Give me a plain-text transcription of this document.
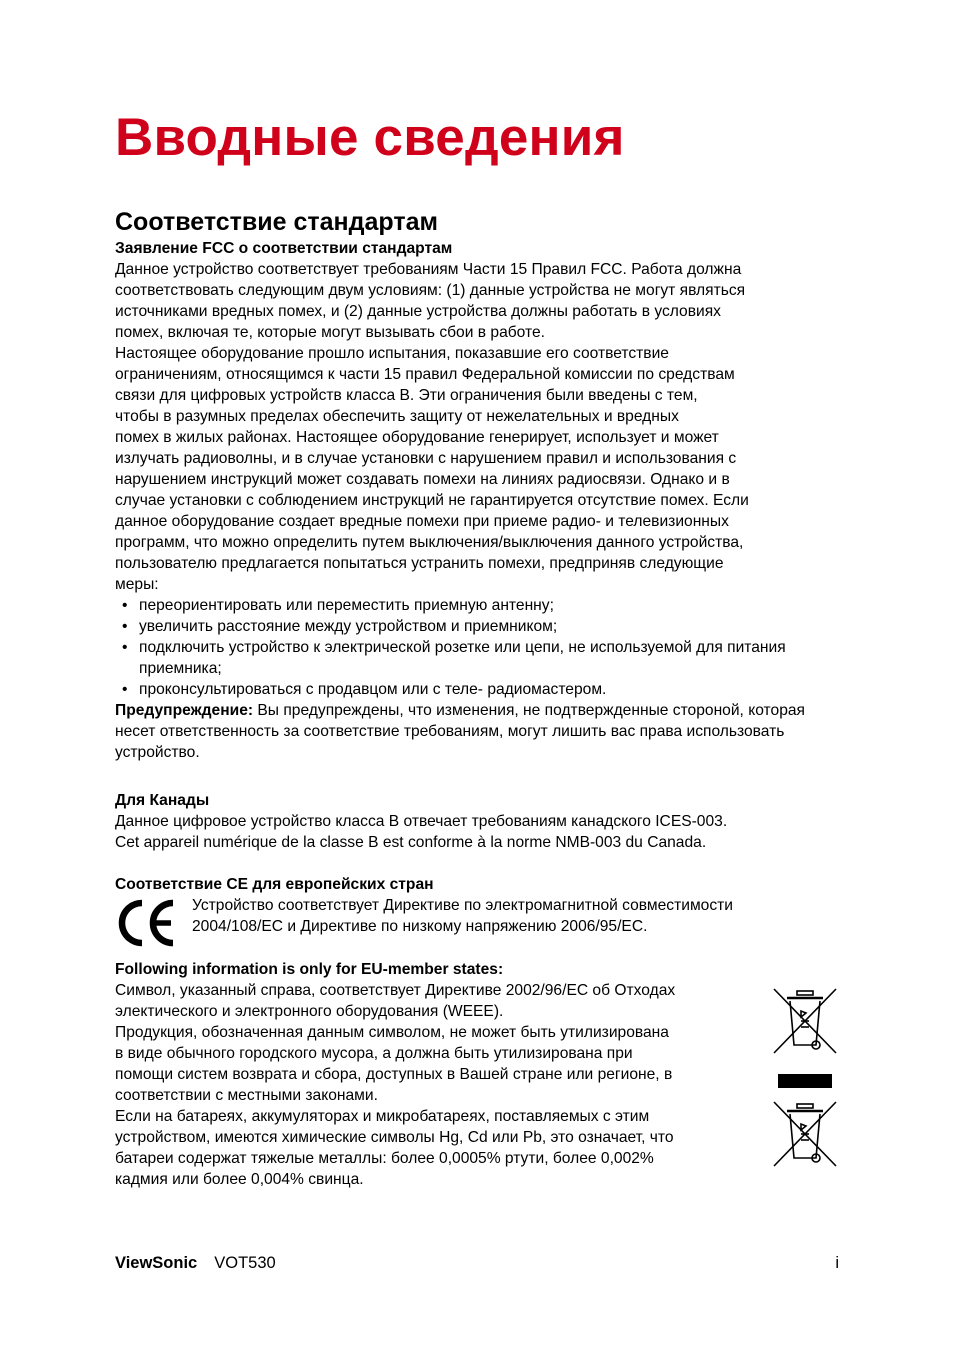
Вводные сведения
Соответствие стандартам

Заявление FCC о соответствии стандартам

Данное устройство соответствует требованиям Части 15 Правил FCC. Работа должна
соответствовать следующим двум условиям: (1) данные устройства не могут являться
источниками вредных помех, и (2) данные устройства должны работать в условиях
помех, включая те, которые могут вызывать сбои в работе.

Настоящее оборудование прошло испытания, показавшие его соответствие
ограничениям, относящимся к части 15 правил Федеральной комиссии по средствам
связи для цифровых устройств класса B. Эти ограничения были введены с тем,
чтобы в разумных пределах обеспечить защиту от нежелательных и вредных
помех в жилых районах. Настоящее оборудование генерирует, использует и может
излучать радиоволны, и в случае установки с нарушением правил и использования с
нарушением инструкций может создавать помехи на линиях радиосвязи. Однако и в
случае установки с соблюдением инструкций не гарантируется отсутствие помех. Если
данное оборудование создает вредные помехи при приеме радио- и телевизионных
программ, что можно определить путем выключения/выключения данного устройства,
пользователю предлагается попытаться устранить помехи, предприняв следующие
меры:

• переориентировать или переместить приемную антенну;
• увеличить расстояние между устройством и приемником;
• подключить устройство к электрической розетке или цепи, не используемой для питания приемника;
• проконсультироваться с продавцом или с теле- радиомастером.

Предупреждение: Вы предупреждены, что изменения, не подтвержденные стороной, которая несет ответственность за соответствие требованиям, могут лишить вас права использовать устройство.

Для Канады

Данное цифровое устройство класса B отвечает требованиям канадского ICES-003.

Cet appareil numérique de la classe B est conforme à la norme NMB-003 du Canada.

Соответствие CE для европейских стран

Устройство соответствует Директиве по электромагнитной совместимости

2004/108/EC и Директиве по низкому напряжению 2006/95/EC.

Following information is only for EU-member states:

Символ, указанный справа, соответствует Директиве 2002/96/EC об Отходах
электического и электронного оборудования (WEEE).

Продукция, обозначенная данным символом, не может быть утилизирована
в виде обычного городского мусора, а должна быть утилизирована при
помощи систем возврата и сбора, доступных в Вашей стране или регионе, в
соответствии с местными законами.

Если на батареях, аккумуляторах и микробатареях, поставляемых с этим
устройством, имеются химические символы Hg, Cd или Pb, это означает, что
батареи содержат тяжелые металлы: более 0,0005% ртути, более 0,002%
кадмия или более 0,004% свинца.

ViewSonic VOT530	i
